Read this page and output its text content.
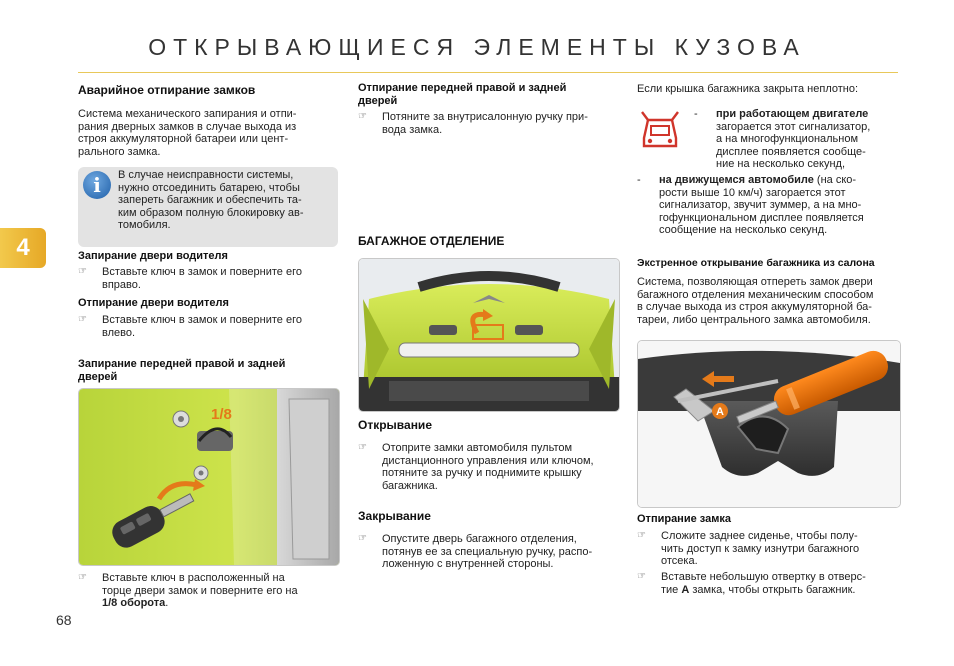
ОТКРЫВАЮЩИЕСЯ ЭЛЕМЕНТЫ КУЗОВА
4
68
Аварийное отпирание замков
Система механического запирания и отпи-
рания дверных замков в случае выхода из
строя аккумуляторной батареи или цент-
рального замка.
i	В случае неисправности системы,
нужно отсоединить батарею, чтобы
запереть багажник и обеспечить та-
ким образом полную блокировку ав-
томобиля.
Запирание двери водителя
☞ Вставьте ключ в замок и поверните его
вправо.
Отпирание двери водителя
☞ Вставьте ключ в замок и поверните его
влево.
Запирание передней правой и задней
дверей
1/8
☞ Вставьте ключ в расположенный на
торце двери замок и поверните его на
1/8 оборота.
Отпирание передней правой и задней
дверей
☞ Потяните за внутрисалонную ручку при-
вода замка.
БАГАЖНОЕ ОТДЕЛЕНИЕ
Открывание
☞ Отоприте замки автомобиля пультом
дистанционного управления или ключом,
потяните за ручку и поднимите крышку
багажника.
Закрывание
☞ Опустите дверь багажного отделения,
потянув ее за специальную ручку, распо-
ложенную с внутренней стороны.
Если крышка багажника закрыта неплотно:
- при работающем двигателе
загорается этот сигнализатор,
а на многофункциональном
дисплее появляется сообще-
ние на несколько секунд,
- на движущемся автомобиле (на ско-
рости выше 10 км/ч) загорается этот
сигнализатор, звучит зуммер, а на мно-
гофункциональном дисплее появляется
сообщение на несколько секунд.
Экстренное открывание багажника из салона
Система, позволяющая отпереть замок двери
багажного отделения механическим способом
в случае выхода из строя аккумуляторной ба-
тареи, либо центрального замка автомобиля.
A
Отпирание замка
☞ Сложите заднее сиденье, чтобы полу-
чить доступ к замку изнутри багажного
отсека.
☞ Вставьте небольшую отвертку в отверс-
тие А замка, чтобы открыть багажник.
